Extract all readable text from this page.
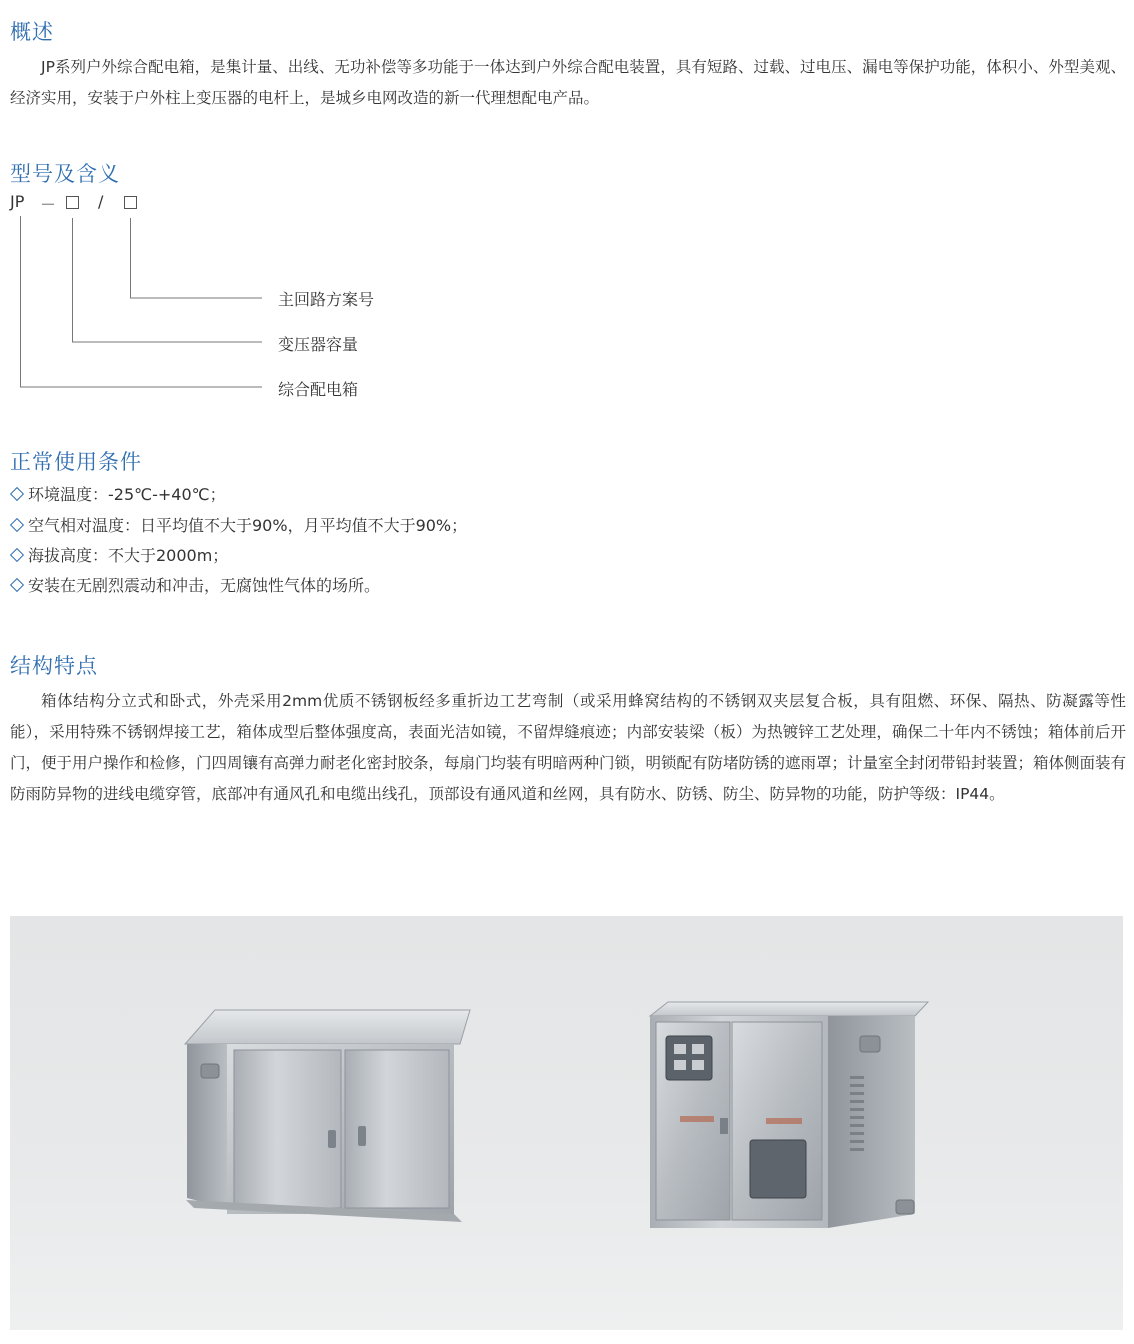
概述

JP系列户外综合配电箱，是集计量、出线、无功补偿等多功能于一体达到户外综合配电装置，具有短路、过载、过电压、漏电等保护功能，体积小、外型美观、经济实用，安装于户外柱上变压器的电杆上，是城乡电网改造的新一代理想配电产品。

型号及含义
JP －	/
主回路方案号
变压器容量
综合配电箱
正常使用条件
环境温度：-25℃-+40℃；
空气相对温度：日平均值不大于90%，月平均值不大于90%；
海拔高度：不大于2000m；
安装在无剧烈震动和冲击，无腐蚀性气体的场所。
结构特点

箱体结构分立式和卧式，外壳采用2mm优质不锈钢板经多重折边工艺弯制（或采用蜂窝结构的不锈钢双夹层复合板，具有阻燃、环保、隔热、防凝露等性能），采用特殊不锈钢焊接工艺，箱体成型后整体强度高，表面光洁如镜，不留焊缝痕迹；内部安装梁（板）为热镀锌工艺处理，确保二十年内不锈蚀；箱体前后开门，便于用户操作和检修，门四周镶有高弹力耐老化密封胶条，每扇门均装有明暗两种门锁，明锁配有防堵防锈的遮雨罩；计量室全封闭带铅封装置；箱体侧面装有防雨防异物的进线电缆穿管，底部冲有通风孔和电缆出线孔，顶部设有通风道和丝网，具有防水、防锈、防尘、防异物的功能，防护等级：IP44。
